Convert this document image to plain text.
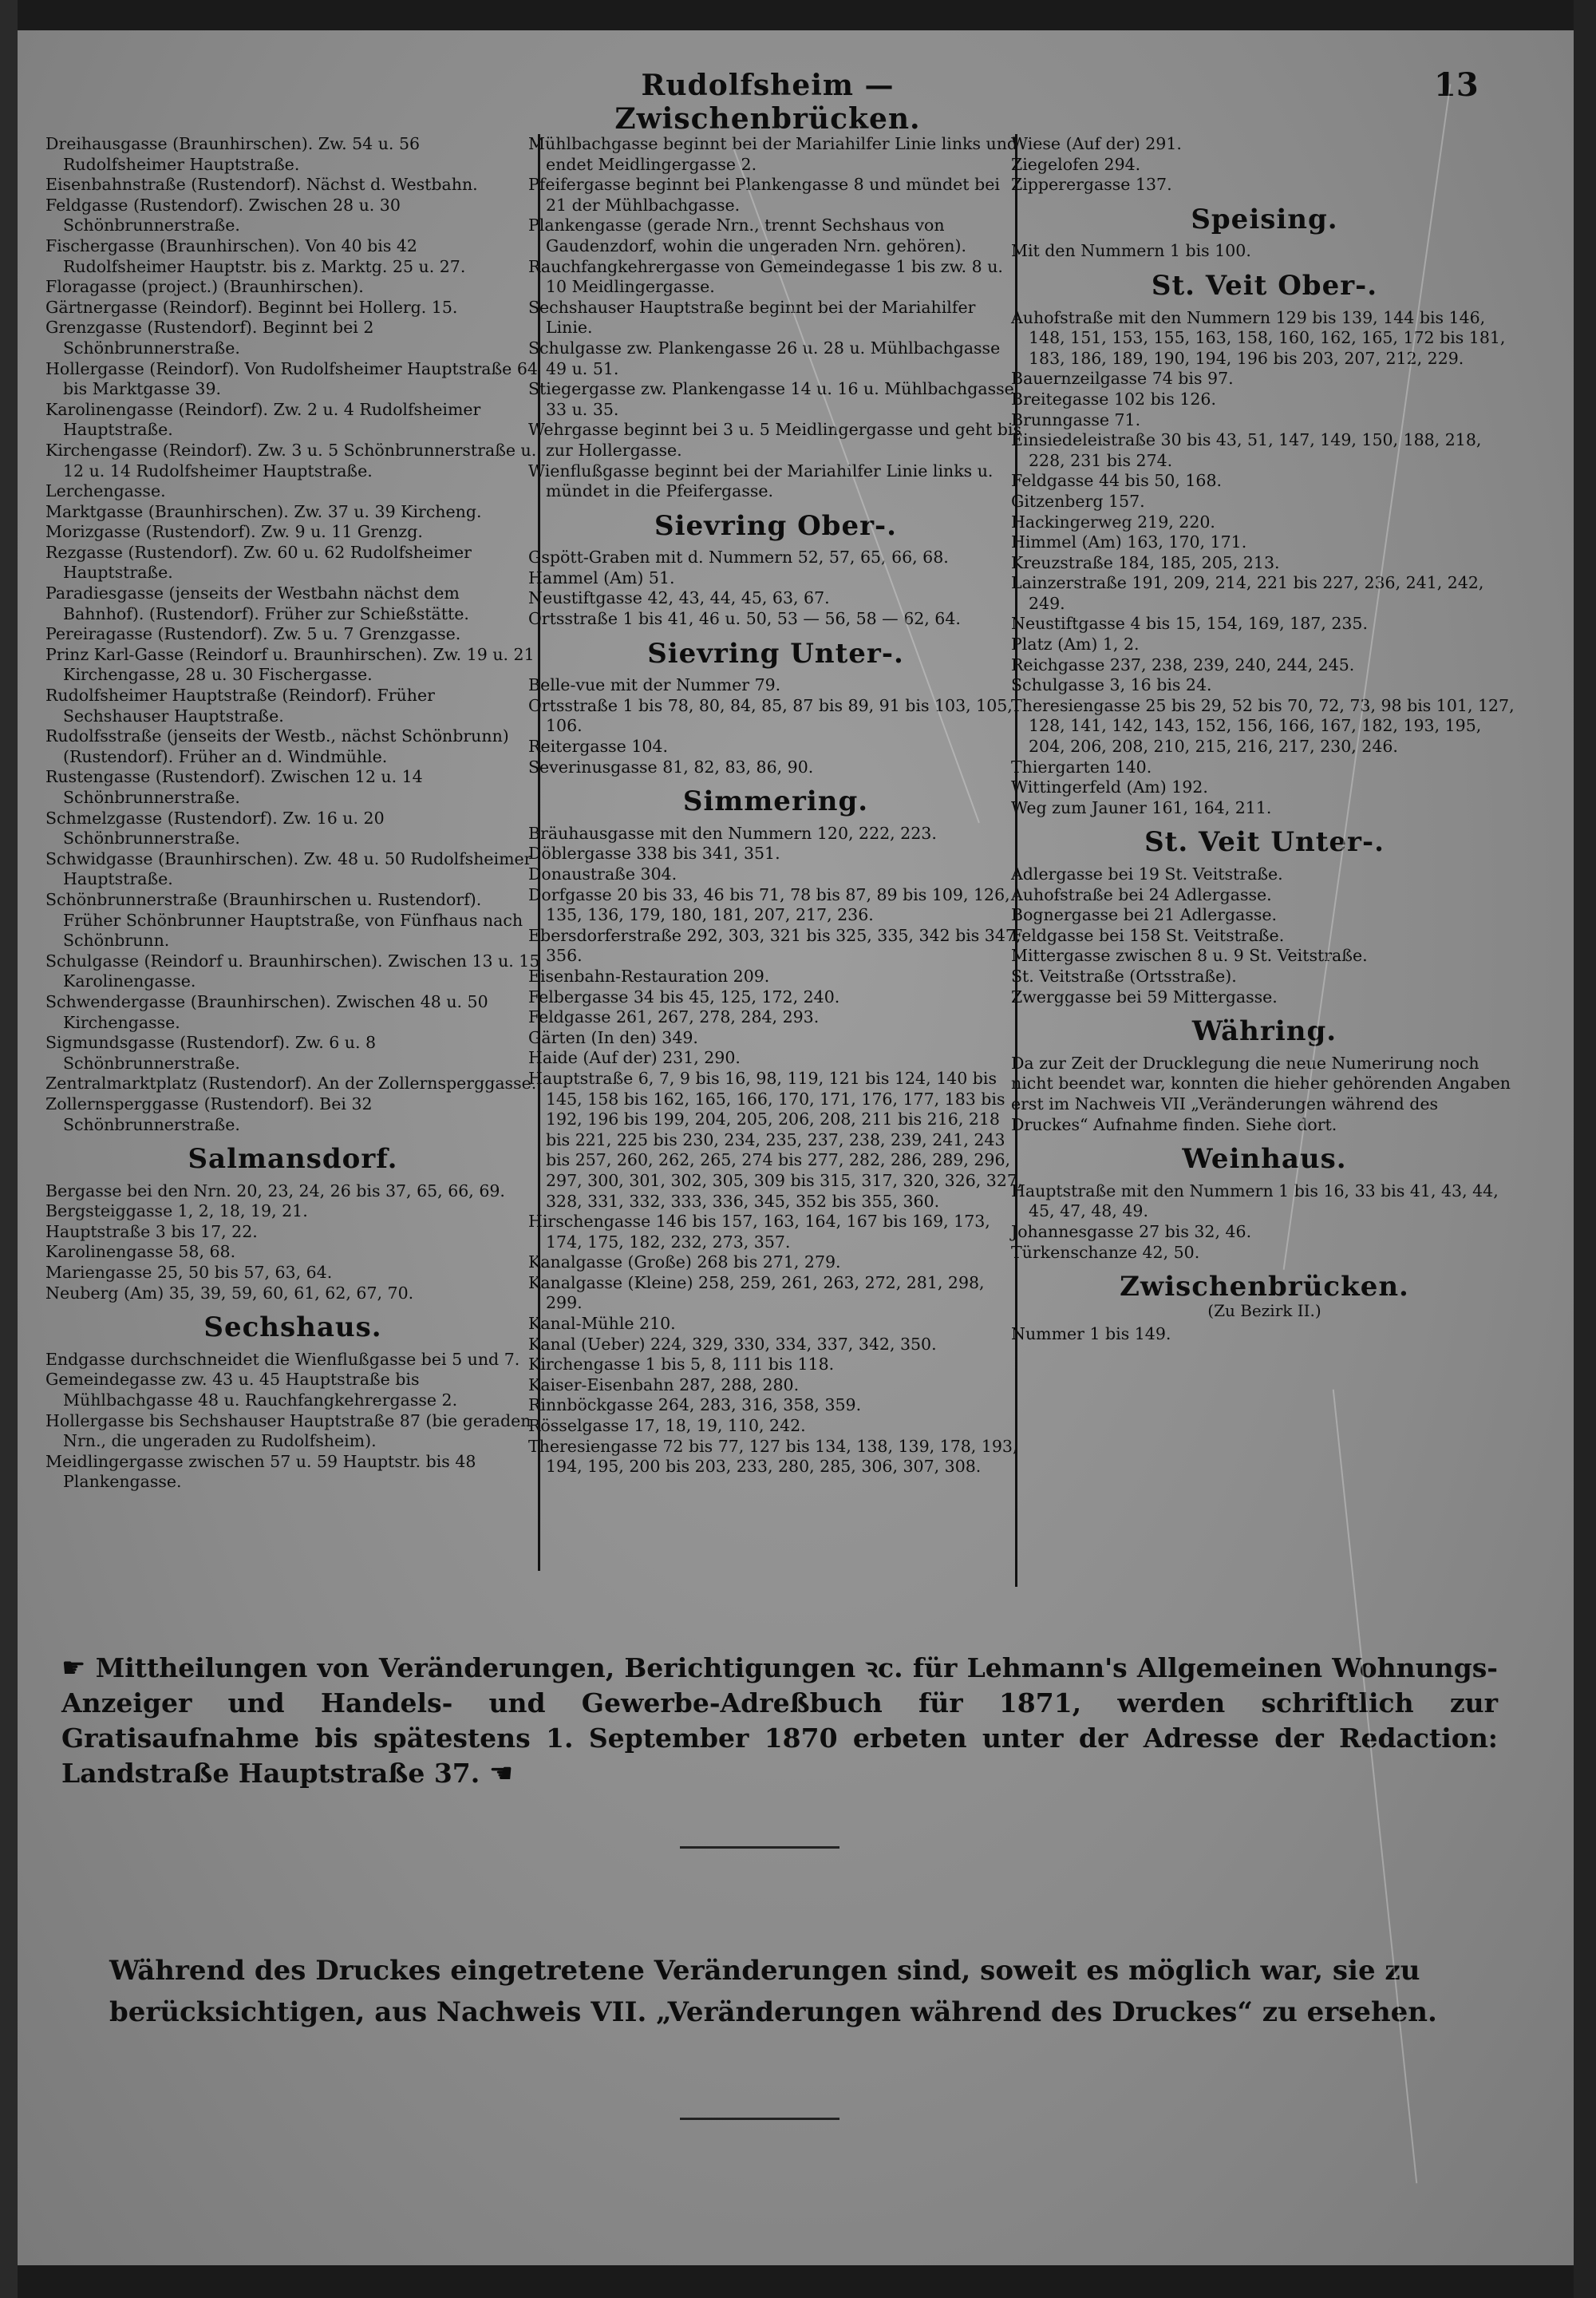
Rudolfsheim — Zwischenbrücken.
13

Dreihausgasse (Braunhirschen). Zw. 54 u. 56 Rudolfsheimer Hauptstraße.

Eisenbahnstraße (Rustendorf). Nächst d. Westbahn.

Feldgasse (Rustendorf). Zwischen 28 u. 30 Schönbrunnerstraße.

Fischergasse (Braunhirschen). Von 40 bis 42 Rudolfsheimer Hauptstr. bis z. Marktg. 25 u. 27.

Floragasse (project.) (Braunhirschen).

Gärtnergasse (Reindorf). Beginnt bei Hollerg. 15.

Grenzgasse (Rustendorf). Beginnt bei 2 Schönbrunnerstraße.

Hollergasse (Reindorf). Von Rudolfsheimer Hauptstraße 64 bis Marktgasse 39.

Karolinengasse (Reindorf). Zw. 2 u. 4 Rudolfsheimer Hauptstraße.

Kirchengasse (Reindorf). Zw. 3 u. 5 Schönbrunnerstraße u. 12 u. 14 Rudolfsheimer Hauptstraße.

Lerchengasse.

Marktgasse (Braunhirschen). Zw. 37 u. 39 Kircheng.

Morizgasse (Rustendorf). Zw. 9 u. 11 Grenzg.

Rezgasse (Rustendorf). Zw. 60 u. 62 Rudolfsheimer Hauptstraße.

Paradiesgasse (jenseits der Westbahn nächst dem Bahnhof). (Rustendorf). Früher zur Schießstätte.

Pereiragasse (Rustendorf). Zw. 5 u. 7 Grenzgasse.

Prinz Karl-Gasse (Reindorf u. Braunhirschen). Zw. 19 u. 21 Kirchengasse, 28 u. 30 Fischergasse.

Rudolfsheimer Hauptstraße (Reindorf). Früher Sechshauser Hauptstraße.

Rudolfsstraße (jenseits der Westb., nächst Schönbrunn) (Rustendorf). Früher an d. Windmühle.

Rustengasse (Rustendorf). Zwischen 12 u. 14 Schönbrunnerstraße.

Schmelzgasse (Rustendorf). Zw. 16 u. 20 Schönbrunnerstraße.

Schwidgasse (Braunhirschen). Zw. 48 u. 50 Rudolfsheimer Hauptstraße.

Schönbrunnerstraße (Braunhirschen u. Rustendorf). Früher Schönbrunner Hauptstraße, von Fünfhaus nach Schönbrunn.

Schulgasse (Reindorf u. Braunhirschen). Zwischen 13 u. 15 Karolinengasse.

Schwendergasse (Braunhirschen). Zwischen 48 u. 50 Kirchengasse.

Sigmundsgasse (Rustendorf). Zw. 6 u. 8 Schönbrunnerstraße.

Zentralmarktplatz (Rustendorf). An der Zollernsperggasse.

Zollernsperggasse (Rustendorf). Bei 32 Schönbrunnerstraße.

Salmansdorf.

Bergasse bei den Nrn. 20, 23, 24, 26 bis 37, 65, 66, 69.

Bergsteiggasse 1, 2, 18, 19, 21.

Hauptstraße 3 bis 17, 22.

Karolinengasse 58, 68.

Mariengasse 25, 50 bis 57, 63, 64.

Neuberg (Am) 35, 39, 59, 60, 61, 62, 67, 70.

Sechshaus.

Endgasse durchschneidet die Wienflußgasse bei 5 und 7.

Gemeindegasse zw. 43 u. 45 Hauptstraße bis Mühlbachgasse 48 u. Rauchfangkehrergasse 2.

Hollergasse bis Sechshauser Hauptstraße 87 (bie geraden Nrn., die ungeraden zu Rudolfsheim).

Meidlingergasse zwischen 57 u. 59 Hauptstr. bis 48 Plankengasse.

Mühlbachgasse beginnt bei der Mariahilfer Linie links und endet Meidlingergasse 2.

Pfeifergasse beginnt bei Plankengasse 8 und mündet bei 21 der Mühlbachgasse.

Plankengasse (gerade Nrn., trennt Sechshaus von Gaudenzdorf, wohin die ungeraden Nrn. gehören).

Rauchfangkehrergasse von Gemeindegasse 1 bis zw. 8 u. 10 Meidlingergasse.

Sechshauser Hauptstraße beginnt bei der Mariahilfer Linie.

Schulgasse zw. Plankengasse 26 u. 28 u. Mühlbachgasse 49 u. 51.

Stiegergasse zw. Plankengasse 14 u. 16 u. Mühlbachgasse 33 u. 35.

Wehrgasse beginnt bei 3 u. 5 Meidlingergasse und geht bis zur Hollergasse.

Wienflußgasse beginnt bei der Mariahilfer Linie links u. mündet in die Pfeifergasse.

Sievring Ober-.

Gspött-Graben mit d. Nummern 52, 57, 65, 66, 68.

Hammel (Am) 51.

Neustiftgasse 42, 43, 44, 45, 63, 67.

Ortsstraße 1 bis 41, 46 u. 50, 53 — 56, 58 — 62, 64.

Sievring Unter-.

Belle-vue mit der Nummer 79.

Ortsstraße 1 bis 78, 80, 84, 85, 87 bis 89, 91 bis 103, 105, 106.

Reitergasse 104.

Severinusgasse 81, 82, 83, 86, 90.

Simmering.

Bräuhausgasse mit den Nummern 120, 222, 223.

Döblergasse 338 bis 341, 351.

Donaustraße 304.

Dorfgasse 20 bis 33, 46 bis 71, 78 bis 87, 89 bis 109, 126, 135, 136, 179, 180, 181, 207, 217, 236.

Ebersdorferstraße 292, 303, 321 bis 325, 335, 342 bis 347, 356.

Eisenbahn-Restauration 209.

Felbergasse 34 bis 45, 125, 172, 240.

Feldgasse 261, 267, 278, 284, 293.

Gärten (In den) 349.

Haide (Auf der) 231, 290.

Hauptstraße 6, 7, 9 bis 16, 98, 119, 121 bis 124, 140 bis 145, 158 bis 162, 165, 166, 170, 171, 176, 177, 183 bis 192, 196 bis 199, 204, 205, 206, 208, 211 bis 216, 218 bis 221, 225 bis 230, 234, 235, 237, 238, 239, 241, 243 bis 257, 260, 262, 265, 274 bis 277, 282, 286, 289, 296, 297, 300, 301, 302, 305, 309 bis 315, 317, 320, 326, 327, 328, 331, 332, 333, 336, 345, 352 bis 355, 360.

Hirschengasse 146 bis 157, 163, 164, 167 bis 169, 173, 174, 175, 182, 232, 273, 357.

Kanalgasse (Große) 268 bis 271, 279.

Kanalgasse (Kleine) 258, 259, 261, 263, 272, 281, 298, 299.

Kanal-Mühle 210.

Kanal (Ueber) 224, 329, 330, 334, 337, 342, 350.

Kirchengasse 1 bis 5, 8, 111 bis 118.

Kaiser-Eisenbahn 287, 288, 280.

Rinnböckgasse 264, 283, 316, 358, 359.

Rösselgasse 17, 18, 19, 110, 242.

Theresiengasse 72 bis 77, 127 bis 134, 138, 139, 178, 193, 194, 195, 200 bis 203, 233, 280, 285, 306, 307, 308.

Wiese (Auf der) 291.

Ziegelofen 294.

Zipperergasse 137.

Speising.

Mit den Nummern 1 bis 100.

St. Veit Ober-.

Auhofstraße mit den Nummern 129 bis 139, 144 bis 146, 148, 151, 153, 155, 163, 158, 160, 162, 165, 172 bis 181, 183, 186, 189, 190, 194, 196 bis 203, 207, 212, 229.

Bauernzeilgasse 74 bis 97.

Breitegasse 102 bis 126.

Brunngasse 71.

Einsiedeleistraße 30 bis 43, 51, 147, 149, 150, 188, 218, 228, 231 bis 274.

Feldgasse 44 bis 50, 168.

Gitzenberg 157.

Hackingerweg 219, 220.

Himmel (Am) 163, 170, 171.

Kreuzstraße 184, 185, 205, 213.

Lainzerstraße 191, 209, 214, 221 bis 227, 236, 241, 242, 249.

Neustiftgasse 4 bis 15, 154, 169, 187, 235.

Platz (Am) 1, 2.

Reichgasse 237, 238, 239, 240, 244, 245.

Schulgasse 3, 16 bis 24.

Theresiengasse 25 bis 29, 52 bis 70, 72, 73, 98 bis 101, 127, 128, 141, 142, 143, 152, 156, 166, 167, 182, 193, 195, 204, 206, 208, 210, 215, 216, 217, 230, 246.

Thiergarten 140.

Wittingerfeld (Am) 192.

Weg zum Jauner 161, 164, 211.

St. Veit Unter-.

Adlergasse bei 19 St. Veitstraße.

Auhofstraße bei 24 Adlergasse.

Bognergasse bei 21 Adlergasse.

Feldgasse bei 158 St. Veitstraße.

Mittergasse zwischen 8 u. 9 St. Veitstraße.

St. Veitstraße (Ortsstraße).

Zwerggasse bei 59 Mittergasse.

Währing.

Da zur Zeit der Drucklegung die neue Numerirung noch nicht beendet war, konnten die hieher gehörenden Angaben erst im Nachweis VII „Veränderungen während des Druckes“ Aufnahme finden. Siehe dort.

Weinhaus.

Hauptstraße mit den Nummern 1 bis 16, 33 bis 41, 43, 44, 45, 47, 48, 49.

Johannesgasse 27 bis 32, 46.

Türkenschanze 42, 50.

Zwischenbrücken.
(Zu Bezirk II.)

Nummer 1 bis 149.

☛ Mittheilungen von Veränderungen, Berichtigungen ꝛc. für Lehmann's Allgemeinen Wohnungs-Anzeiger und Handels- und Gewerbe-Adreßbuch für 1871, werden schriftlich zur Gratisaufnahme bis spätestens 1. September 1870 erbeten unter der Adresse der Redaction: Landstraße Hauptstraße 37. ☚
Während des Druckes eingetretene Veränderungen sind, soweit es möglich war, sie zu berücksichtigen, aus Nachweis VII. „Veränderungen während des Druckes“ zu ersehen.
